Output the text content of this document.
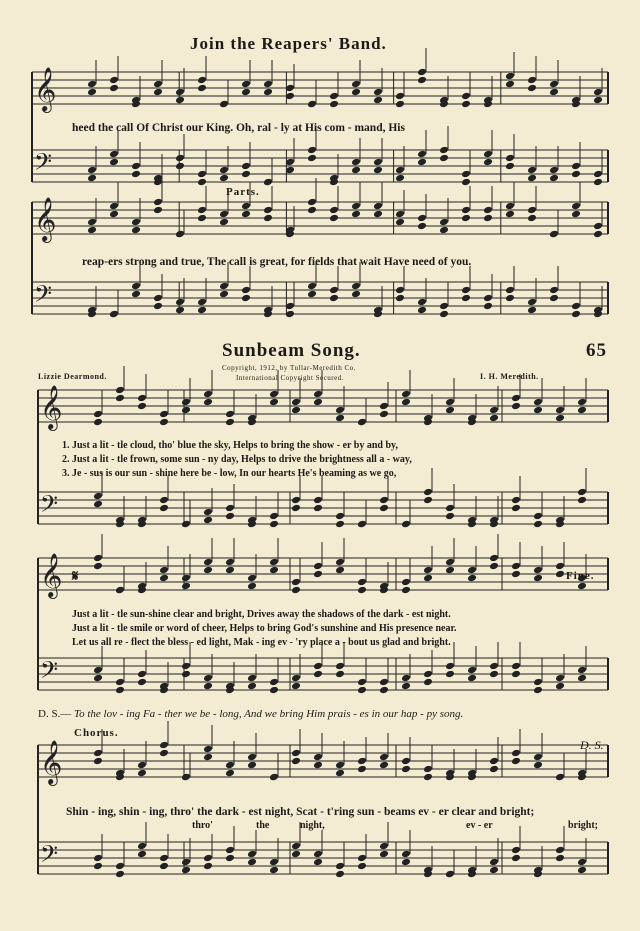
Join the Reapers' Band.
𝄞
𝄢
𝄞
𝄢
𝄞
𝄢
𝄞
𝄢
𝄞
𝄢
heed the call Of Christ our King. Oh, ral - ly at His com - mand, His
Parts.
reap-ers strong and true, The call is great, for fields that wait Have need of you.
Sunbeam Song.	65
Lizzie Dearmond.	I. H. Meredith.
Copyright, 1912, by Tullar-Meredith Co.
International Copyright Secured.
1. Just a lit - tle cloud, tho' blue the sky, Helps to bring the show - er by and by,
2. Just a lit - tle frown, some sun - ny day, Helps to drive the brightness all a - way,
3. Je - sus is our sun - shine here be - low, In our hearts He's beaming as we go,
𝄋	Fine.
Just a lit - tle sun-shine clear and bright, Drives away the shadows of the dark - est night.
Just a lit - tle smile or word of cheer, Helps to bring God's sunshine and His presence near.
Let us all re - flect the bless - ed light, Mak - ing ev - 'ry place a - bout us glad and bright.
D. S.— To the lov - ing Fa - ther we be - long, And we bring Him prais - es in our hap - py song.
Chorus.
D. S.
Shin - ing, shin - ing, thro' the dark - est night, Scat - t'ring sun - beams ev - er clear and bright;
thro'	the	night,	ev - er	bright;
